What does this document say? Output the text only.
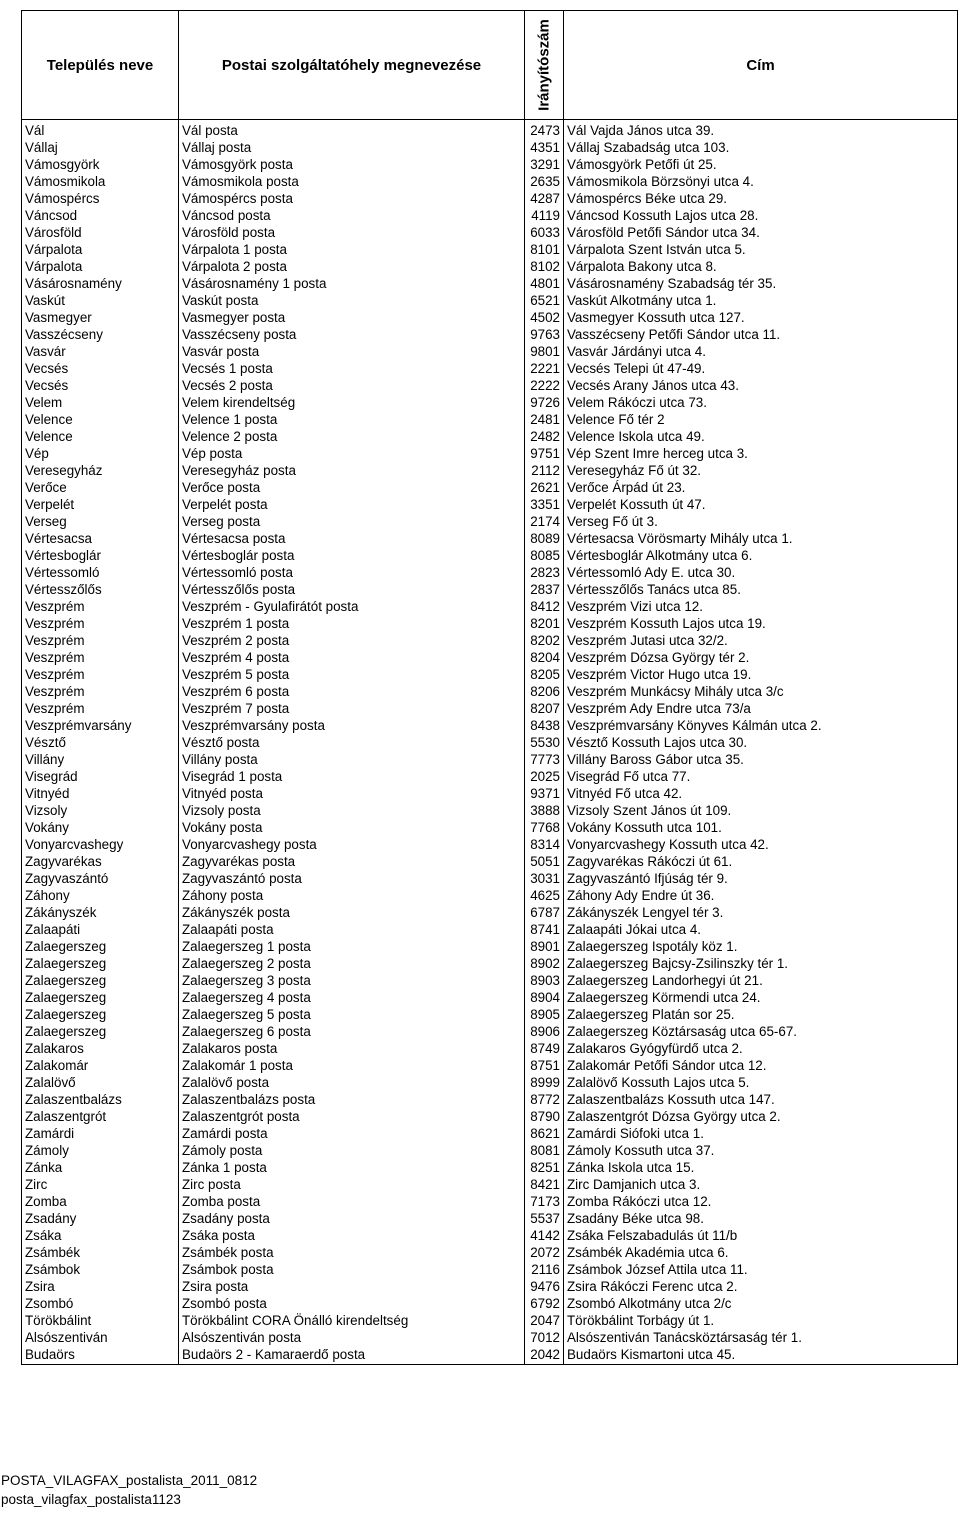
Település neve	Postai szolgáltatóhely megnevezése	Irányítószám	Cím
Vál	Vál posta	2473	Vál Vajda János utca 39.
Vállaj	Vállaj posta	4351	Vállaj Szabadság utca 103.
Vámosgyörk	Vámosgyörk posta	3291	Vámosgyörk Petőfi út 25.
Vámosmikola	Vámosmikola posta	2635	Vámosmikola Börzsönyi utca 4.
Vámospércs	Vámospércs posta	4287	Vámospércs Béke utca 29.
Váncsod	Váncsod posta	4119	Váncsod Kossuth Lajos utca 28.
Városföld	Városföld posta	6033	Városföld Petőfi Sándor utca 34.
Várpalota	Várpalota 1 posta	8101	Várpalota Szent István utca 5.
Várpalota	Várpalota 2 posta	8102	Várpalota Bakony utca 8.
Vásárosnamény	Vásárosnamény 1 posta	4801	Vásárosnamény Szabadság tér 35.
Vaskút	Vaskút posta	6521	Vaskút Alkotmány utca 1.
Vasmegyer	Vasmegyer posta	4502	Vasmegyer Kossuth utca 127.
Vasszécseny	Vasszécseny posta	9763	Vasszécseny Petőfi Sándor utca 11.
Vasvár	Vasvár posta	9801	Vasvár Járdányi utca 4.
Vecsés	Vecsés 1 posta	2221	Vecsés Telepi út 47-49.
Vecsés	Vecsés 2 posta	2222	Vecsés Arany János utca 43.
Velem	Velem kirendeltség	9726	Velem Rákóczi utca 73.
Velence	Velence 1 posta	2481	Velence Fő tér 2
Velence	Velence 2 posta	2482	Velence Iskola utca 49.
Vép	Vép posta	9751	Vép Szent Imre herceg utca 3.
Veresegyház	Veresegyház posta	2112	Veresegyház Fő út 32.
Verőce	Verőce posta	2621	Verőce Árpád út 23.
Verpelét	Verpelét posta	3351	Verpelét Kossuth út 47.
Verseg	Verseg posta	2174	Verseg Fő út 3.
Vértesacsa	Vértesacsa posta	8089	Vértesacsa Vörösmarty Mihály utca 1.
Vértesboglár	Vértesboglár posta	8085	Vértesboglár Alkotmány utca 6.
Vértessomló	Vértessomló posta	2823	Vértessomló Ady E. utca 30.
Vértesszőlős	Vértesszőlős posta	2837	Vértesszőlős Tanács utca 85.
Veszprém	Veszprém - Gyulafirátót posta	8412	Veszprém Vizi utca 12.
Veszprém	Veszprém 1 posta	8201	Veszprém Kossuth Lajos utca 19.
Veszprém	Veszprém 2 posta	8202	Veszprém Jutasi utca 32/2.
Veszprém	Veszprém 4 posta	8204	Veszprém Dózsa György tér 2.
Veszprém	Veszprém 5 posta	8205	Veszprém Victor Hugo utca 19.
Veszprém	Veszprém 6 posta	8206	Veszprém Munkácsy Mihály utca 3/c
Veszprém	Veszprém 7 posta	8207	Veszprém Ady Endre utca 73/a
Veszprémvarsány	Veszprémvarsány posta	8438	Veszprémvarsány Könyves Kálmán utca 2.
Vésztő	Vésztő posta	5530	Vésztő Kossuth Lajos utca 30.
Villány	Villány posta	7773	Villány Baross Gábor utca 35.
Visegrád	Visegrád 1 posta	2025	Visegrád Fő utca 77.
Vitnyéd	Vitnyéd posta	9371	Vitnyéd Fő utca 42.
Vizsoly	Vizsoly posta	3888	Vizsoly Szent János út 109.
Vokány	Vokány posta	7768	Vokány Kossuth utca 101.
Vonyarcvashegy	Vonyarcvashegy posta	8314	Vonyarcvashegy Kossuth utca 42.
Zagyvarékas	Zagyvarékas posta	5051	Zagyvarékas Rákóczi út 61.
Zagyvaszántó	Zagyvaszántó posta	3031	Zagyvaszántó Ifjúság tér 9.
Záhony	Záhony posta	4625	Záhony Ady Endre út 36.
Zákányszék	Zákányszék posta	6787	Zákányszék Lengyel tér 3.
Zalaapáti	Zalaapáti posta	8741	Zalaapáti Jókai utca 4.
Zalaegerszeg	Zalaegerszeg 1 posta	8901	Zalaegerszeg Ispotály köz 1.
Zalaegerszeg	Zalaegerszeg 2 posta	8902	Zalaegerszeg Bajcsy-Zsilinszky tér 1.
Zalaegerszeg	Zalaegerszeg 3 posta	8903	Zalaegerszeg Landorhegyi út 21.
Zalaegerszeg	Zalaegerszeg 4 posta	8904	Zalaegerszeg Körmendi utca 24.
Zalaegerszeg	Zalaegerszeg 5 posta	8905	Zalaegerszeg Platán sor 25.
Zalaegerszeg	Zalaegerszeg 6 posta	8906	Zalaegerszeg Köztársaság utca 65-67.
Zalakaros	Zalakaros posta	8749	Zalakaros Gyógyfürdő utca 2.
Zalakomár	Zalakomár 1 posta	8751	Zalakomár Petőfi Sándor utca 12.
Zalalövő	Zalalövő posta	8999	Zalalövő Kossuth Lajos utca 5.
Zalaszentbalázs	Zalaszentbalázs posta	8772	Zalaszentbalázs Kossuth utca 147.
Zalaszentgrót	Zalaszentgrót posta	8790	Zalaszentgrót Dózsa György utca 2.
Zamárdi	Zamárdi posta	8621	Zamárdi Siófoki utca 1.
Zámoly	Zámoly posta	8081	Zámoly Kossuth utca 37.
Zánka	Zánka 1 posta	8251	Zánka Iskola utca 15.
Zirc	Zirc posta	8421	Zirc Damjanich utca 3.
Zomba	Zomba posta	7173	Zomba Rákóczi utca 12.
Zsadány	Zsadány posta	5537	Zsadány Béke utca 98.
Zsáka	Zsáka posta	4142	Zsáka Felszabadulás út 11/b
Zsámbék	Zsámbék posta	2072	Zsámbék Akadémia utca 6.
Zsámbok	Zsámbok posta	2116	Zsámbok József Attila utca 11.
Zsira	Zsira posta	9476	Zsira Rákóczi Ferenc utca 2.
Zsombó	Zsombó posta	6792	Zsombó Alkotmány utca 2/c
Törökbálint	Törökbálint CORA Önálló kirendeltség	2047	Törökbálint Torbágy út 1.
Alsószentiván	Alsószentiván posta	7012	Alsószentiván Tanácsköztársaság tér 1.
Budaörs	Budaörs 2 - Kamaraerdő posta	2042	Budaörs Kismartoni utca 45.
POSTA_VILAGFAX_postalista_2011_0812
posta_vilagfax_postalista1123
